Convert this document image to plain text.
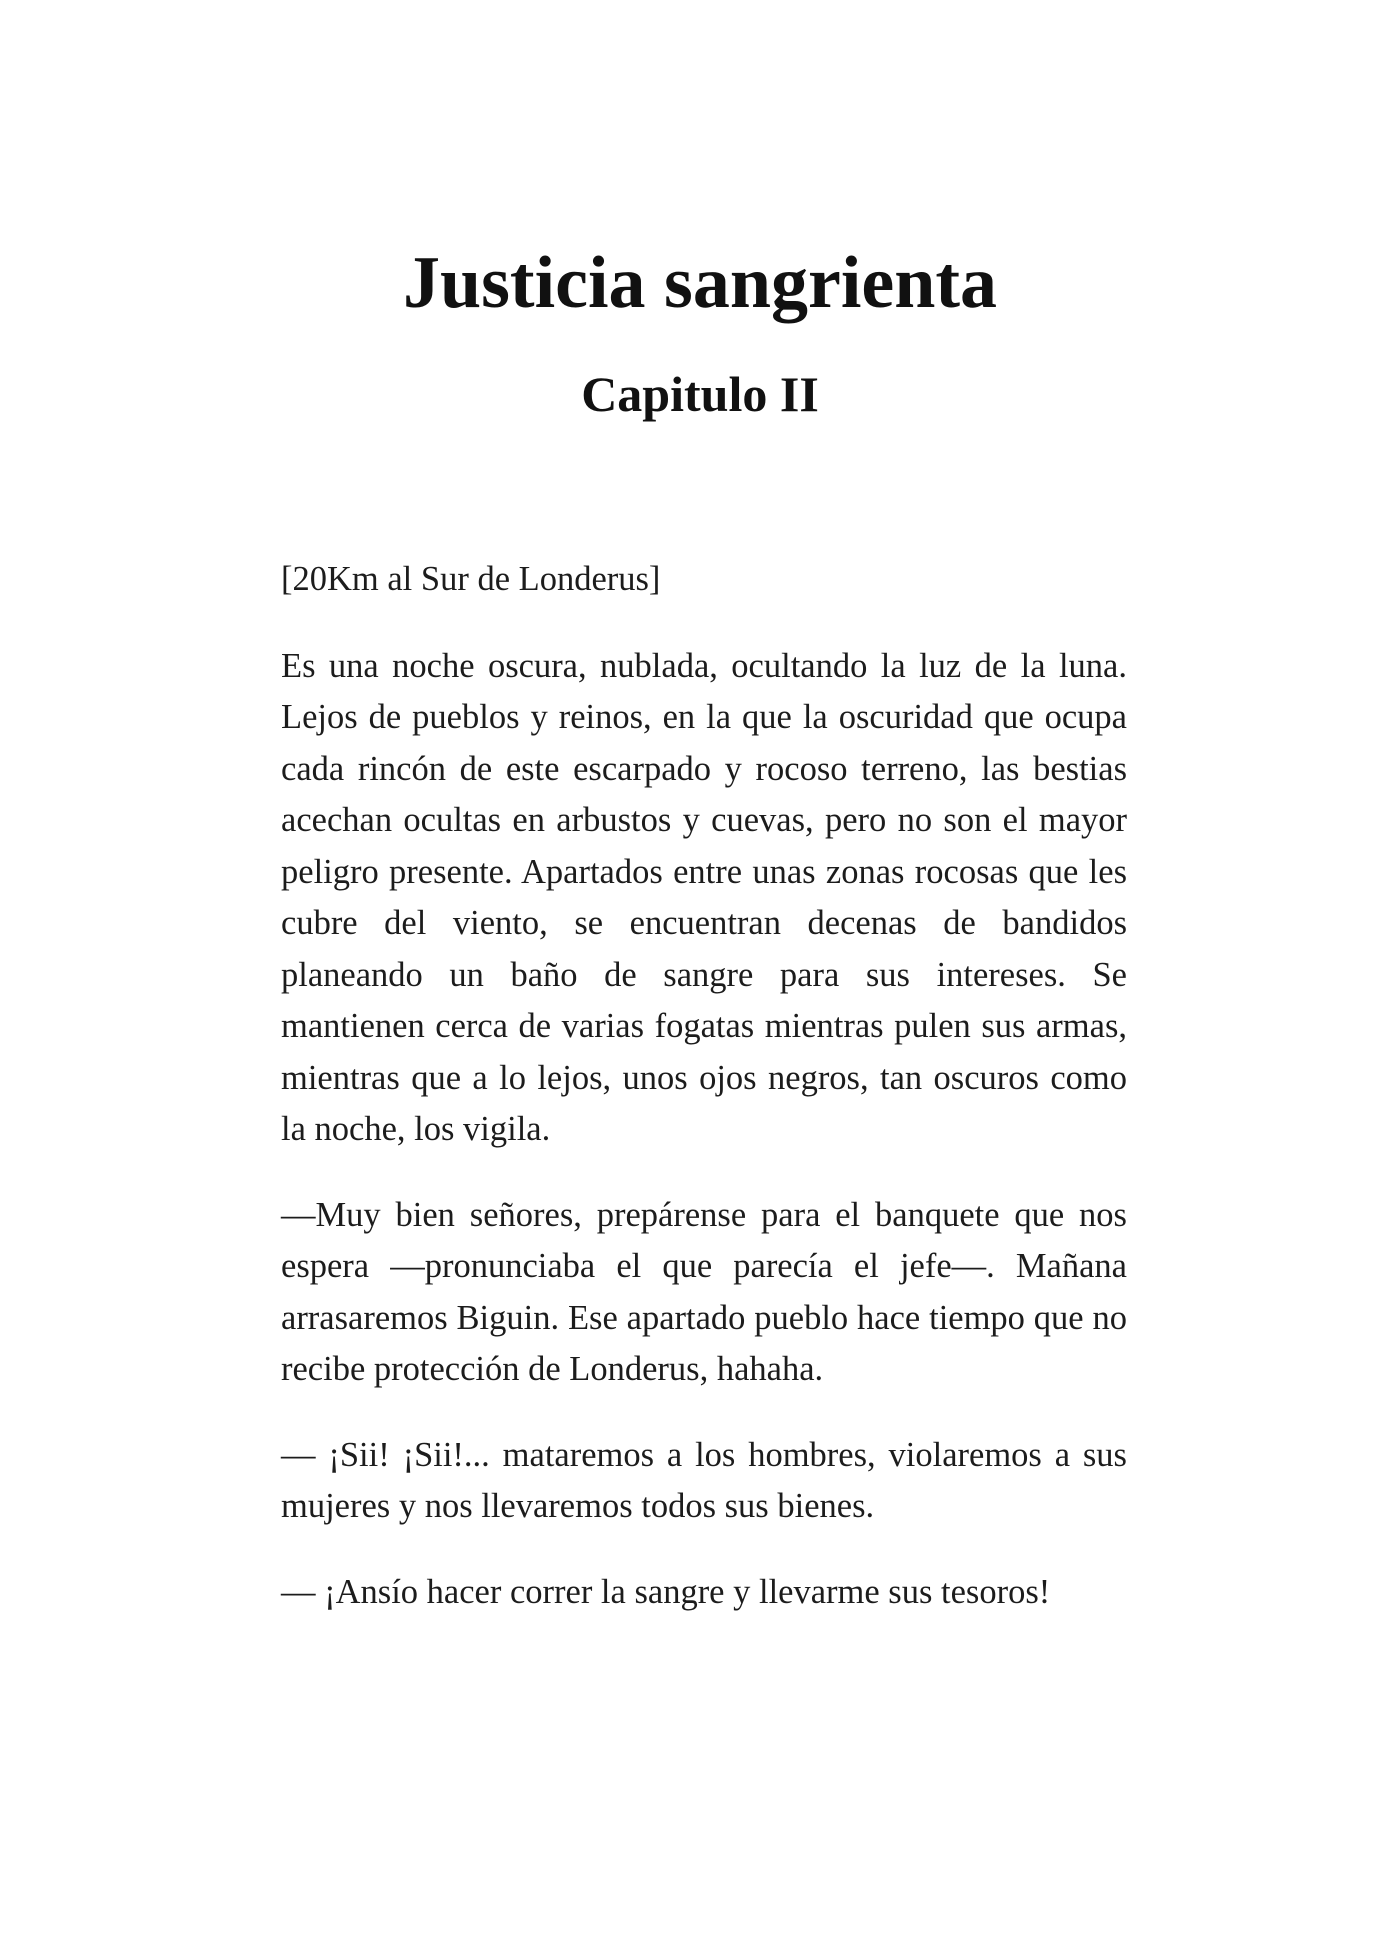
Justicia sangrienta
Capitulo II

[20Km al Sur de Londerus]

Es una noche oscura, nublada, ocultando la luz de la luna. Lejos de pueblos y reinos, en la que la oscuridad que ocupa cada rincón de este escarpado y rocoso terreno, las bestias acechan ocultas en arbustos y cuevas, pero no son el mayor peligro presente. Apartados entre unas zonas rocosas que les cubre del viento, se encuentran decenas de bandidos planeando un baño de sangre para sus intereses. Se mantienen cerca de varias fogatas mientras pulen sus armas, mientras que a lo lejos, unos ojos negros, tan oscuros como la noche, los vigila.

—Muy bien señores, prepárense para el banquete que nos espera —pronunciaba el que parecía el jefe—. Mañana arrasaremos Biguin. Ese apartado pueblo hace tiempo que no recibe protección de Londerus, hahaha.

— ¡Sii! ¡Sii!... mataremos a los hombres, violaremos a sus mujeres y nos llevaremos todos sus bienes.

— ¡Ansío hacer correr la sangre y llevarme sus tesoros!
